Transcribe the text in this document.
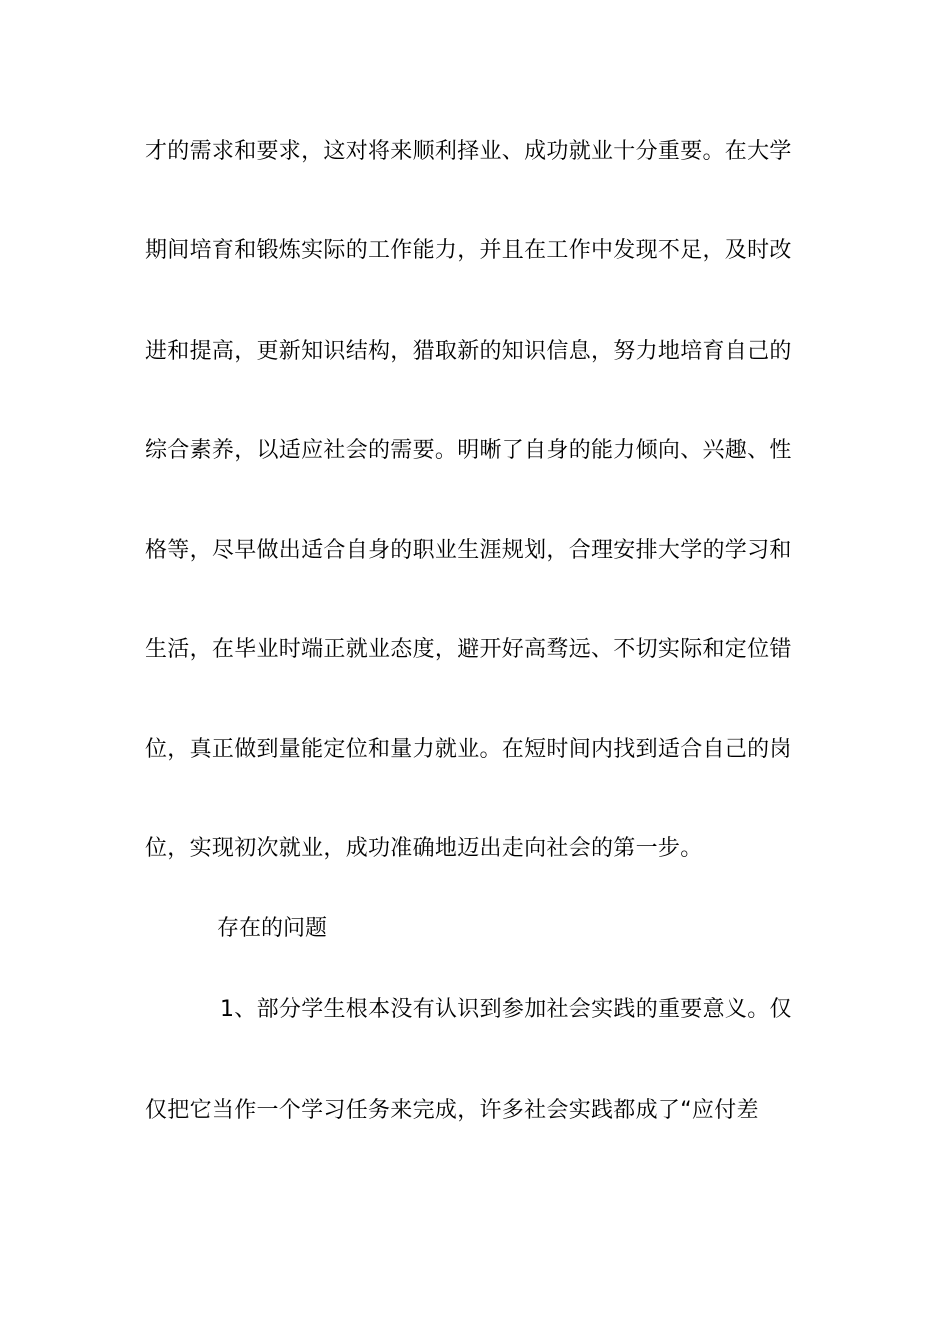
才的需求和要求，这对将来顺利择业、成功就业十分重要。在大学
期间培育和锻炼实际的工作能力，并且在工作中发现不足，及时改
进和提高，更新知识结构，猎取新的知识信息，努力地培育自己的
综合素养，以适应社会的需要。明晰了自身的能力倾向、兴趣、性
格等，尽早做出适合自身的职业生涯规划，合理安排大学的学习和
生活，在毕业时端正就业态度，避开好高骛远、不切实际和定位错
位，真正做到量能定位和量力就业。在短时间内找到适合自己的岗
位，实现初次就业，成功准确地迈出走向社会的第一步。
存在的问题
1、部分学生根本没有认识到参加社会实践的重要意义。仅
仅把它当作一个学习任务来完成，许多社会实践都成了“应付差
